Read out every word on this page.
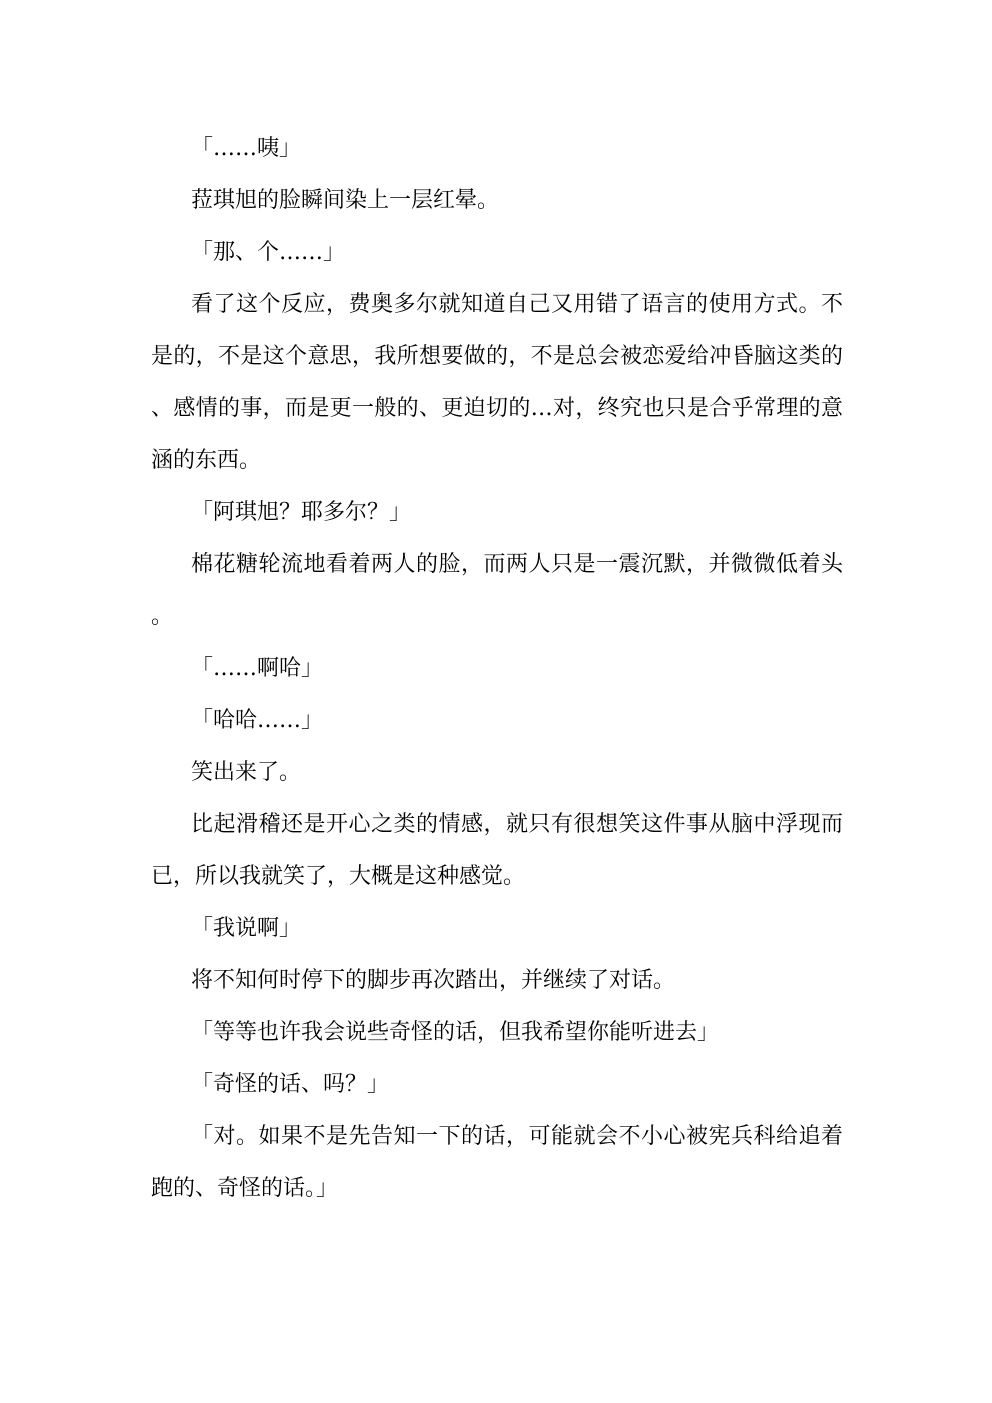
「……咦」

菈琪旭的脸瞬间染上一层红晕。

「那、个……」

看了这个反应，费奥多尔就知道自己又用错了语言的使用方式。不是的，不是这个意思，我所想要做的，不是总会被恋爱给冲昏脑这类的、感情的事，而是更一般的、更迫切的…对，终究也只是合乎常理的意涵的东西。

「阿琪旭？耶多尔？」

棉花糖轮流地看着两人的脸，而两人只是一震沉默，并微微低着头。

「……啊哈」

「哈哈……」

笑出来了。

比起滑稽还是开心之类的情感，就只有很想笑这件事从脑中浮现而已，所以我就笑了，大概是这种感觉。

「我说啊」

将不知何时停下的脚步再次踏出，并继续了对话。

「等等也许我会说些奇怪的话，但我希望你能听进去」

「奇怪的话、吗？」

「对。如果不是先告知一下的话，可能就会不小心被宪兵科给追着跑的、奇怪的话。」
